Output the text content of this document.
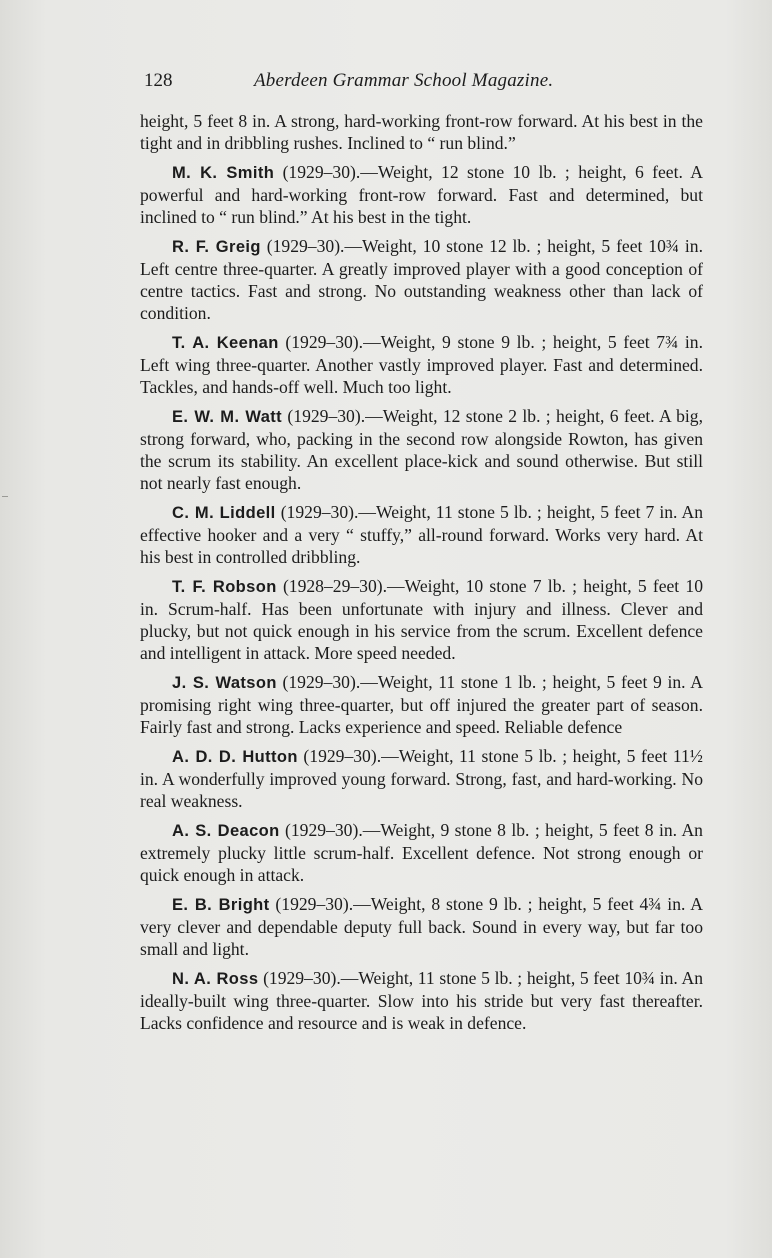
128	Aberdeen Grammar School Magazine.

height, 5 feet 8 in. A strong, hard-working front-row forward. At his best in the tight and in dribbling rushes. Inclined to “ run blind.”

M. K. Smith (1929–30).—Weight, 12 stone 10 lb. ; height, 6 feet. A powerful and hard-working front-row forward. Fast and determined, but inclined to “ run blind.” At his best in the tight.

R. F. Greig (1929–30).—Weight, 10 stone 12 lb. ; height, 5 feet 10¾ in. Left centre three-quarter. A greatly improved player with a good conception of centre tactics. Fast and strong. No outstanding weakness other than lack of condition.

T. A. Keenan (1929–30).—Weight, 9 stone 9 lb. ; height, 5 feet 7¾ in. Left wing three-quarter. Another vastly improved player. Fast and determined. Tackles, and hands-off well. Much too light.

E. W. M. Watt (1929–30).—Weight, 12 stone 2 lb. ; height, 6 feet. A big, strong forward, who, packing in the second row alongside Rowton, has given the scrum its stability. An excellent place-kick and sound otherwise. But still not nearly fast enough.

C. M. Liddell (1929–30).—Weight, 11 stone 5 lb. ; height, 5 feet 7 in. An effective hooker and a very “ stuffy,” all-round forward. Works very hard. At his best in controlled dribbling.

T. F. Robson (1928–29–30).—Weight, 10 stone 7 lb. ; height, 5 feet 10 in. Scrum-half. Has been unfortunate with injury and illness. Clever and plucky, but not quick enough in his service from the scrum. Excellent defence and intelligent in attack. More speed needed.

J. S. Watson (1929–30).—Weight, 11 stone 1 lb. ; height, 5 feet 9 in. A promising right wing three-quarter, but off injured the greater part of season. Fairly fast and strong. Lacks experience and speed. Reliable defence

A. D. D. Hutton (1929–30).—Weight, 11 stone 5 lb. ; height, 5 feet 11½ in. A wonderfully improved young forward. Strong, fast, and hard-working. No real weakness.

A. S. Deacon (1929–30).—Weight, 9 stone 8 lb. ; height, 5 feet 8 in. An extremely plucky little scrum-half. Excellent defence. Not strong enough or quick enough in attack.

E. B. Bright (1929–30).—Weight, 8 stone 9 lb. ; height, 5 feet 4¾ in. A very clever and dependable deputy full back. Sound in every way, but far too small and light.

N. A. Ross (1929–30).—Weight, 11 stone 5 lb. ; height, 5 feet 10¾ in. An ideally-built wing three-quarter. Slow into his stride but very fast thereafter. Lacks confidence and resource and is weak in defence.
